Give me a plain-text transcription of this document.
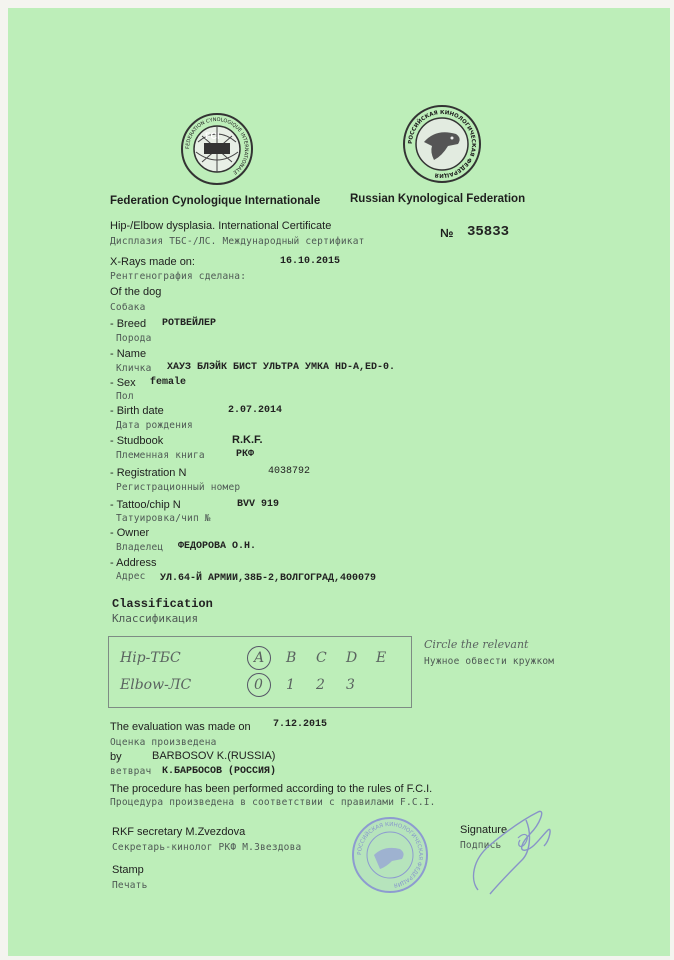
FEDERATION CYNOLOGIQUE INTERNATIONALE
FCI
РОССИЙСКАЯ КИНОЛОГИЧЕСКАЯ ФЕДЕРАЦИЯ
Federation Cynologique Internationale	Russian Kynological Federation
Hip-/Elbow dysplasia. International Certificate
Дисплазия ТБС-/ЛС. Международный сертификат
№ 35833
X-Rays made on:
Рентгенография сделана:
16.10.2015
Of the dog
Собака
- Breed
Порода
РОТВЕЙЛЕР
- Name
Кличка ХАУЗ БЛЭЙК БИСТ УЛЬТРА УМКА HD-A,ED-0.
- Sex
Пол
female
- Birth date
Дата рождения
2.07.2014
- Studbook
Племенная книга
R.K.F.
РКФ
- Registration N
Регистрационный номер
4038792
- Tattoo/chip N
Татуировка/чип №
BVV 919
- Owner
Владелец ФЕДОРОВА О.Н.
- Address
Адрес УЛ.64-Й АРМИИ,38Б-2,ВОЛГОГРАД,400079
Classification
Классификация
Hip-ТБС
Elbow-ЛС
A B C D E
0 1 2 3
Circle the relevant
Нужное обвести кружком
The evaluation was made on 7.12.2015
Оценка произведена
by	BARBOSOV K.(RUSSIA)
ветврач К.БАРБОСОВ (РОССИЯ)
The procedure has been performed according to the rules of F.C.I.
Процедура произведена в соответствии с правилами F.C.I.
RKF secretary M.Zvezdova
Секретарь-кинолог РКФ М.Звездова
Stamp
Печать
Signature
Подпись
РОССИЙСКАЯ КИНОЛОГИЧЕСКАЯ ФЕДЕРАЦИЯ
